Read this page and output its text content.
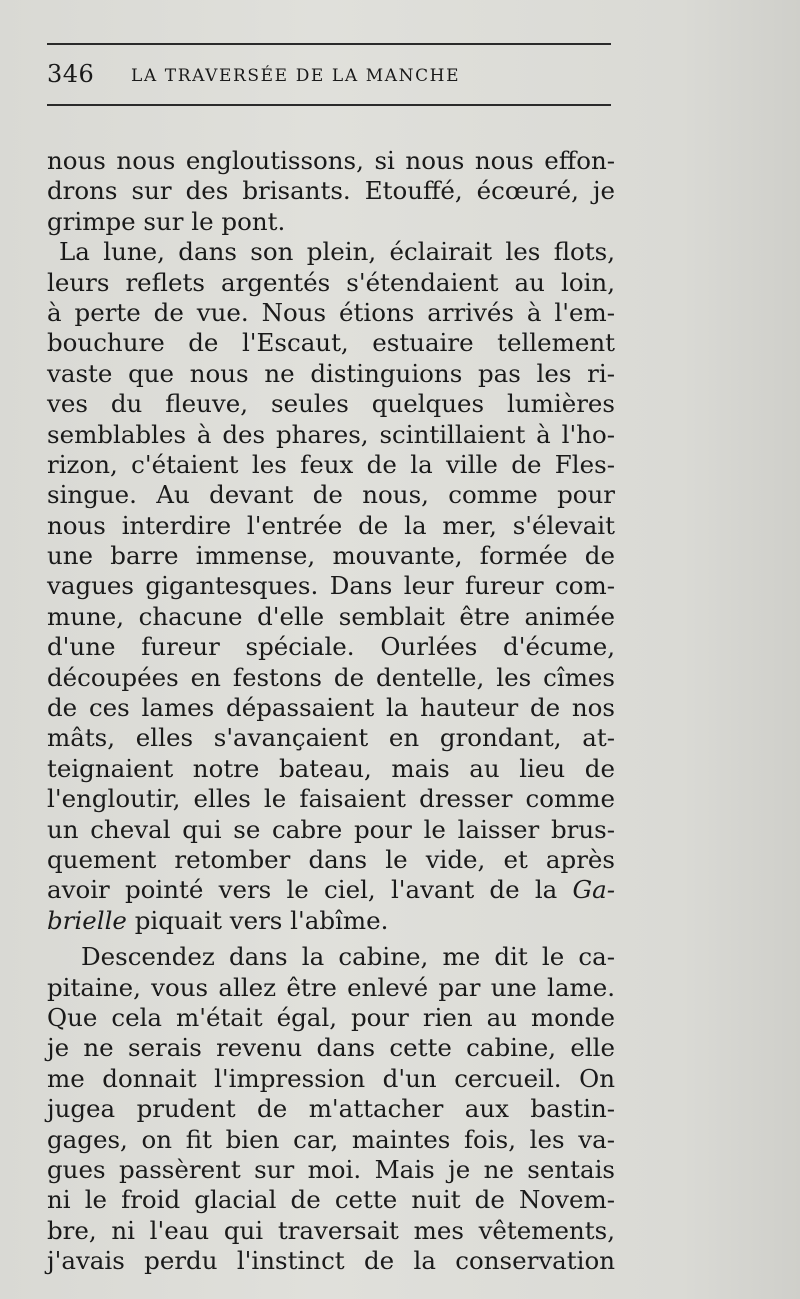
346 LA TRAVERSÉE DE LA MANCHE
nous nous engloutissons, si nous nous effon-
drons sur des brisants. Etouffé, écœuré, je
grimpe sur le pont.
La lune, dans son plein, éclairait les flots,
leurs reflets argentés s'étendaient au loin,
à perte de vue. Nous étions arrivés à l'em-
bouchure de l'Escaut, estuaire tellement
vaste que nous ne distinguions pas les ri-
ves du fleuve, seules quelques lumières
semblables à des phares, scintillaient à l'ho-
rizon, c'étaient les feux de la ville de Fles-
singue. Au devant de nous, comme pour
nous interdire l'entrée de la mer, s'élevait
une barre immense, mouvante, formée de
vagues gigantesques. Dans leur fureur com-
mune, chacune d'elle semblait être animée
d'une fureur spéciale. Ourlées d'écume,
découpées en festons de dentelle, les cîmes
de ces lames dépassaient la hauteur de nos
mâts, elles s'avançaient en grondant, at-
teignaient notre bateau, mais au lieu de
l'engloutir, elles le faisaient dresser comme
un cheval qui se cabre pour le laisser brus-
quement retomber dans le vide, et après
avoir pointé vers le ciel, l'avant de la Ga-
brielle piquait vers l'abîme.
Descendez dans la cabine, me dit le ca-
pitaine, vous allez être enlevé par une lame.
Que cela m'était égal, pour rien au monde
je ne serais revenu dans cette cabine, elle
me donnait l'impression d'un cercueil. On
jugea prudent de m'attacher aux bastin-
gages, on fit bien car, maintes fois, les va-
gues passèrent sur moi. Mais je ne sentais
ni le froid glacial de cette nuit de Novem-
bre, ni l'eau qui traversait mes vêtements,
j'avais perdu l'instinct de la conservation
